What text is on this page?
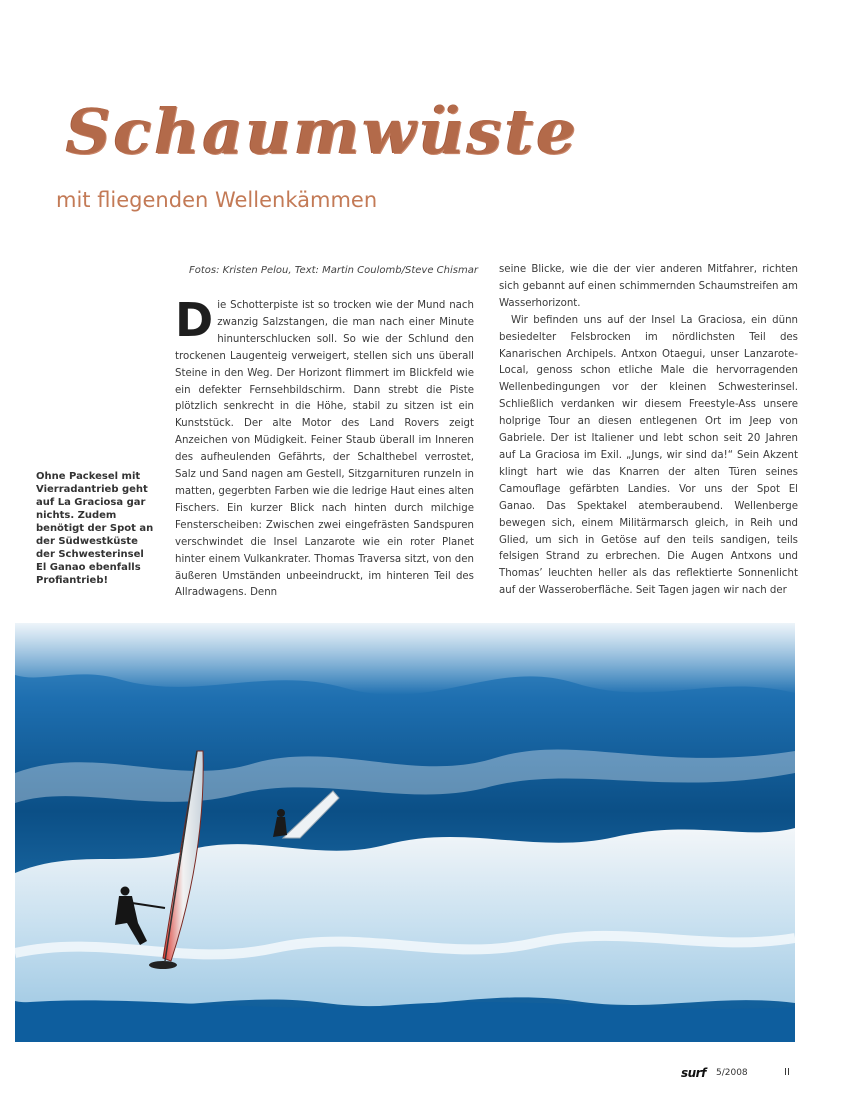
Schaumwüste
mit fliegenden Wellenkämmen
Fotos: Kristen Pelou, Text: Martin Coulomb/Steve Chismar
Ohne Packesel mit Vierradantrieb geht auf La Graciosa gar nichts. Zudem benötigt der Spot an der Südwestküste der Schwesterinsel El Ganao ebenfalls Profiantrieb!
D ie Schotterpiste ist so trocken wie der Mund nach zwanzig Salzstangen, die man nach einer Minute hinunterschlucken soll. So wie der Schlund den trockenen Laugenteig verweigert, stellen sich uns überall Steine in den Weg. Der Horizont flimmert im Blickfeld wie ein defekter Fernsehbildschirm. Dann strebt die Piste plötzlich senkrecht in die Höhe, stabil zu sitzen ist ein Kunststück. Der alte Motor des Land Rovers zeigt Anzeichen von Müdigkeit. Feiner Staub überall im Inneren des aufheulenden Gefährts, der Schalthebel verrostet, Salz und Sand nagen am Gestell, Sitzgarnituren runzeln in matten, gegerbten Farben wie die ledrige Haut eines alten Fischers. Ein kurzer Blick nach hinten durch milchige Fensterscheiben: Zwischen zwei eingefrästen Sandspuren verschwindet die Insel Lanzarote wie ein roter Planet hinter einem Vulkankrater. Thomas Traversa sitzt, von den äußeren Umständen unbeeindruckt, im hinteren Teil des Allradwagens. Denn

seine Blicke, wie die der vier anderen Mitfahrer, richten sich gebannt auf einen schimmernden Schaumstreifen am Wasserhorizont.

Wir befinden uns auf der Insel La Graciosa, ein dünn besiedelter Felsbrocken im nördlichsten Teil des Kanarischen Archipels. Antxon Otaegui, unser Lanzarote-Local, genoss schon etliche Male die hervorragenden Wellenbedingungen vor der kleinen Schwesterinsel. Schließlich verdanken wir diesem Freestyle-Ass unsere holprige Tour an diesen entlegenen Ort im Jeep von Gabriele. Der ist Italiener und lebt schon seit 20 Jahren auf La Graciosa im Exil. „Jungs, wir sind da!“ Sein Akzent klingt hart wie das Knarren der alten Türen seines Camouflage gefärbten Landies. Vor uns der Spot El Ganao. Das Spektakel atemberaubend. Wellenberge bewegen sich, einem Militärmarsch gleich, in Reih und Glied, um sich in Getöse auf den teils sandigen, teils felsigen Strand zu erbrechen. Die Augen Antxons und Thomas’ leuchten heller als das reflektierte Sonnenlicht auf der Wasseroberfläche. Seit Tagen jagen wir nach der

surf 5/2008	II
